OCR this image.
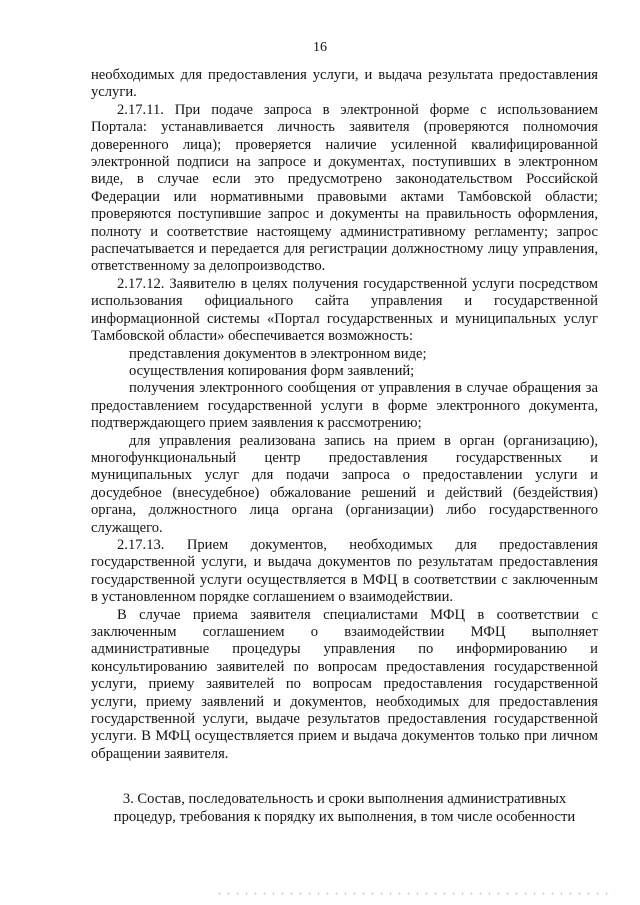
16

необходимых для предоставления услуги, и выдача результата предоставления услуги.

2.17.11. При подаче запроса в электронной форме с использованием Портала: устанавливается личность заявителя (проверяются полномочия доверенного лица); проверяется наличие усиленной квалифицированной электронной подписи на запросе и документах, поступивших в электронном виде, в случае если это предусмотрено законодательством Российской Федерации или нормативными правовыми актами Тамбовской области; проверяются поступившие запрос и документы на правильность оформления, полноту и соответствие настоящему административному регламенту; запрос распечатывается и передается для регистрации должностному лицу управления, ответственному за делопроизводство.

2.17.12. Заявителю в целях получения государственной услуги посредством использования официального сайта управления и государственной информационной системы «Портал государственных и муниципальных услуг Тамбовской области» обеспечивается возможность:

представления документов в электронном виде;

осуществления копирования форм заявлений;

получения электронного сообщения от управления в случае обращения за предоставлением государственной услуги в форме электронного документа, подтверждающего прием заявления к рассмотрению;

для управления реализована запись на прием в орган (организацию), многофункциональный центр предоставления государственных и муниципальных услуг для подачи запроса о предоставлении услуги и досудебное (внесудебное) обжалование решений и действий (бездействия) органа, должностного лица органа (организации) либо государственного служащего.

2.17.13. Прием документов, необходимых для предоставления государственной услуги, и выдача документов по результатам предоставления государственной услуги осуществляется в МФЦ в соответствии с заключенным в установленном порядке соглашением о взаимодействии.

В случае приема заявителя специалистами МФЦ в соответствии с заключенным соглашением о взаимодействии МФЦ выполняет административные процедуры управления по информированию и консультированию заявителей по вопросам предоставления государственной услуги, приему заявителей по вопросам предоставления государственной услуги, приему заявлений и документов, необходимых для предоставления государственной услуги, выдаче результатов предоставления государственной услуги. В МФЦ осуществляется прием и выдача документов только при личном обращении заявителя.

3. Состав, последовательность и сроки выполнения административных

процедур, требования к порядку их выполнения, в том числе особенности
